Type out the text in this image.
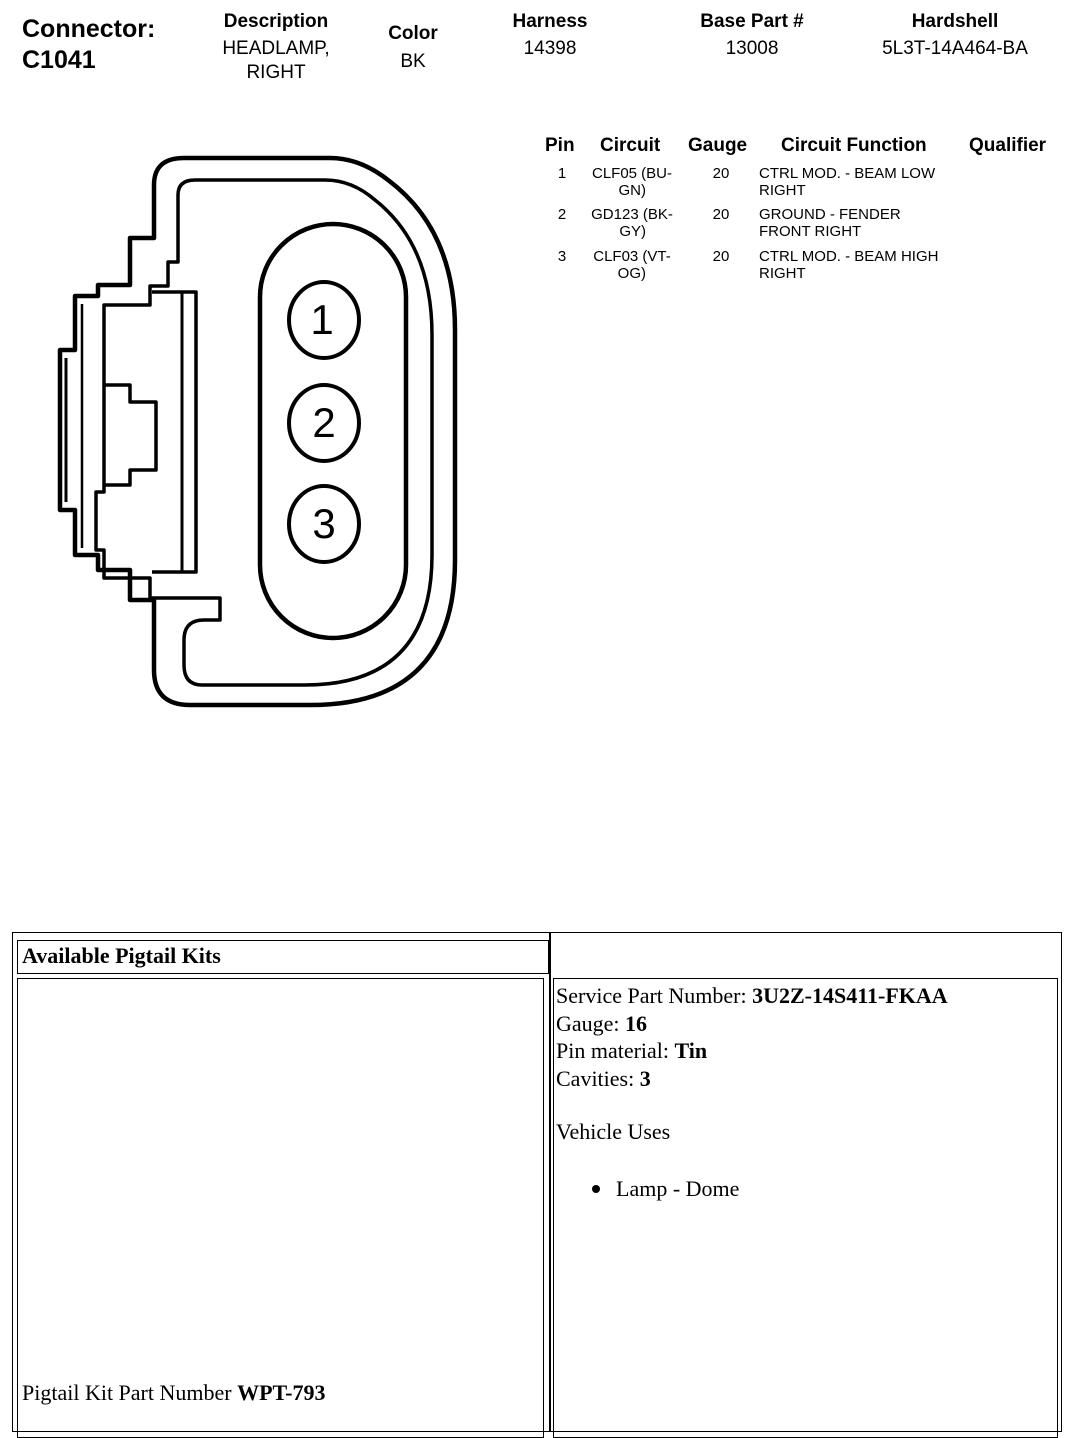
Connector:
C1041
Description
HEADLAMP,
RIGHT
Color
BK
Harness
14398
Base Part #
13008
Hardshell
5L3T-14A464-BA
1
2
3
Pin Circuit Gauge Circuit Function Qualifier
1 CLF05 (BU-
GN)
20 CTRL MOD. - BEAM LOW
RIGHT
2 GD123 (BK-
GY)
20 GROUND - FENDER
FRONT RIGHT
3	CLF03 (VT-
OG)
20 CTRL MOD. - BEAM HIGH
RIGHT
Available Pigtail Kits
Service Part Number: 3U2Z-14S411-FKAA
Gauge: 16
Pin material: Tin
Cavities: 3
Vehicle Uses
Lamp - Dome
Pigtail Kit Part Number WPT-793
